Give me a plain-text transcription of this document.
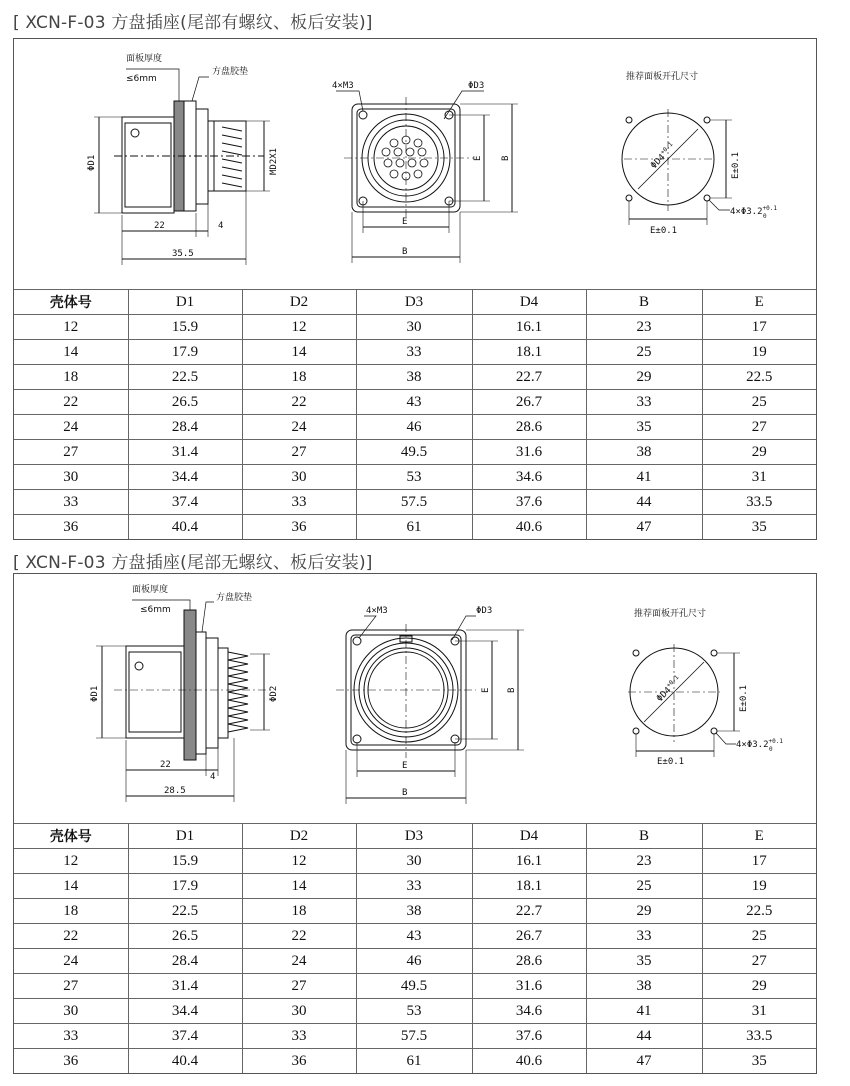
[ XCN-F-03 方盘插座(尾部有螺纹、板后安装)]
面板厚度
≤6mm
方盘胶垫
ΦD1	MD2X1
22	4
35.5
4×M3	ΦD3
E
B
E B
推荐面板开孔尺寸
$\Phi D4^{+0.1}$
E±0.1
E±0.1
$4\times\Phi 3.2^{+0.1}$ 0
壳体号	D1	D2	D3	D4	B	E
12	15.9	12	30	16.1	23	17
14	17.9	14	33	18.1	25	19
18	22.5	18	38	22.7	29	22.5
22	26.5	22	43	26.7	33	25
24	28.4	24	46	28.6	35	27
27	31.4	27	49.5	31.6	38	29
30	34.4	30	53	34.6	41	31
33	37.4	33	57.5	37.6	44	33.5
36	40.4	36	61	40.6	47	35
[ XCN-F-03 方盘插座(尾部无螺纹、板后安装)]
面板厚度
≤6mm
方盘胶垫
ΦD1	ΦD2
22
4
28.5
4×M3	ΦD3
E
B
E B
推荐面板开孔尺寸
$\Phi D4^{+0.1}$
E±0.1
E±0.1
$4\times\Phi 3.2^{+0.1}$ 0
壳体号	D1	D2	D3	D4	B	E
12	15.9	12	30	16.1	23	17
14	17.9	14	33	18.1	25	19
18	22.5	18	38	22.7	29	22.5
22	26.5	22	43	26.7	33	25
24	28.4	24	46	28.6	35	27
27	31.4	27	49.5	31.6	38	29
30	34.4	30	53	34.6	41	31
33	37.4	33	57.5	37.6	44	33.5
36	40.4	36	61	40.6	47	35
